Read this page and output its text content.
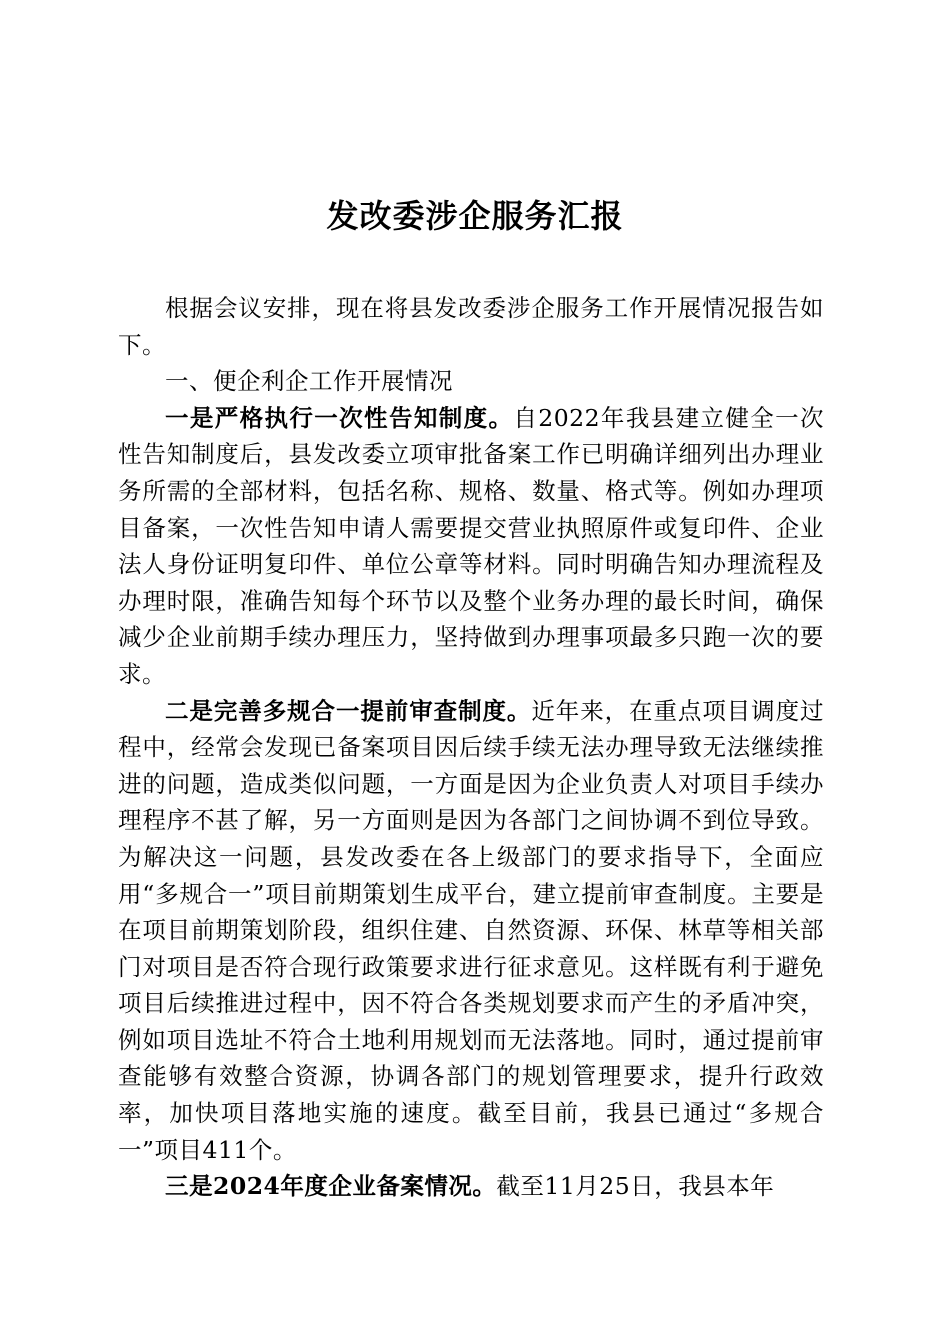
发改委涉企服务汇报

根据会议安排，现在将县发改委涉企服务工作开展情况报告如下。

一、便企利企工作开展情况

一是严格执行一次性告知制度。自2022年我县建立健全一次性告知制度后，县发改委立项审批备案工作已明确详细列出办理业务所需的全部材料，包括名称、规格、数量、格式等。例如办理项目备案，一次性告知申请人需要提交营业执照原件或复印件、企业法人身份证明复印件、单位公章等材料。同时明确告知办理流程及办理时限，准确告知每个环节以及整个业务办理的最长时间，确保减少企业前期手续办理压力，坚持做到办理事项最多只跑一次的要求。

二是完善多规合一提前审查制度。近年来，在重点项目调度过程中，经常会发现已备案项目因后续手续无法办理导致无法继续推进的问题，造成类似问题，一方面是因为企业负责人对项目手续办理程序不甚了解，另一方面则是因为各部门之间协调不到位导致。为解决这一问题，县发改委在各上级部门的要求指导下，全面应用“多规合一”项目前期策划生成平台，建立提前审查制度。主要是在项目前期策划阶段，组织住建、自然资源、环保、林草等相关部门对项目是否符合现行政策要求进行征求意见。这样既有利于避免项目后续推进过程中，因不符合各类规划要求而产生的矛盾冲突，例如项目选址不符合土地利用规划而无法落地。同时，通过提前审查能够有效整合资源，协调各部门的规划管理要求，提升行政效率，加快项目落地实施的速度。截至目前，我县已通过“多规合一”项目411个。

三是2024年度企业备案情况。截至11月25日，我县本年
